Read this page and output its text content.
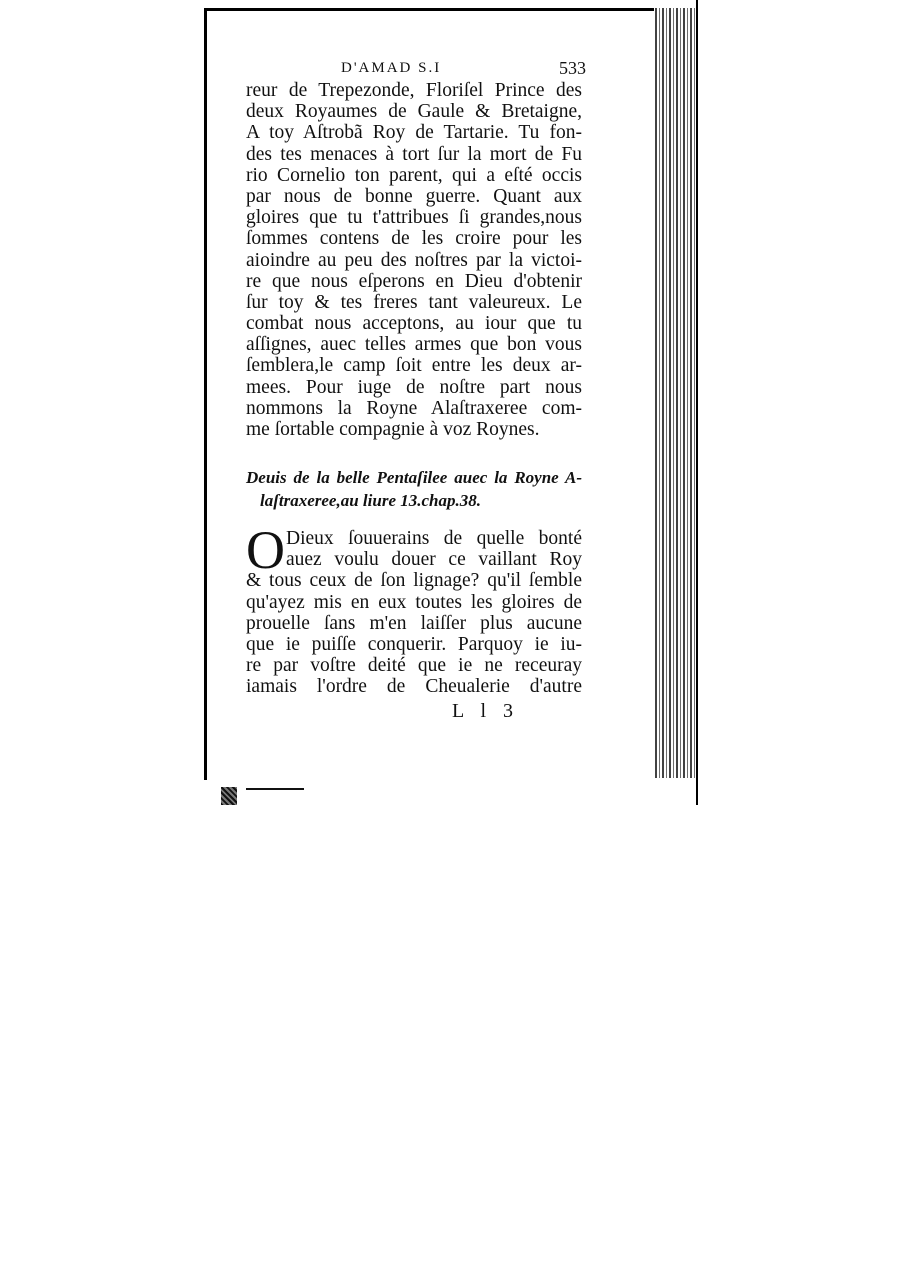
D'AMAD S.I	533
reur de Trepezonde, Floriſel Prince des
deux Royaumes de Gaule & Bretaigne,
A toy Aſtrobã Roy de Tartarie. Tu fon-
des tes menaces à tort ſur la mort de Fu
rio Cornelio ton parent, qui a eſté occis
par nous de bonne guerre. Quant aux
gloires que tu t'attribues ſi grandes,nous
ſommes contens de les croire pour les
aioindre au peu des noſtres par la victoi-
re que nous eſperons en Dieu d'obtenir
ſur toy & tes freres tant valeureux. Le
combat nous acceptons, au iour que tu
aſſignes, auec telles armes que bon vous
ſemblera,le camp ſoit entre les deux ar-
mees. Pour iuge de noſtre part nous
nommons la Royne Alaſtraxeree com-
me ſortable compagnie à voz Roynes.
Deuis de la belle Pentaſilee auec la Royne A-
laſtraxeree,au liure 13.chap.38.
O Dieux ſouuerains de quelle bonté
auez voulu douer ce vaillant Roy
& tous ceux de ſon lignage? qu'il ſemble
qu'ayez mis en eux toutes les gloires de
prouelle ſans m'en laiſſer plus aucune
que ie puiſſe conquerir. Parquoy ie iu-
re par voſtre deité que ie ne receuray
iamais l'ordre de Cheualerie d'autre
L l 3
